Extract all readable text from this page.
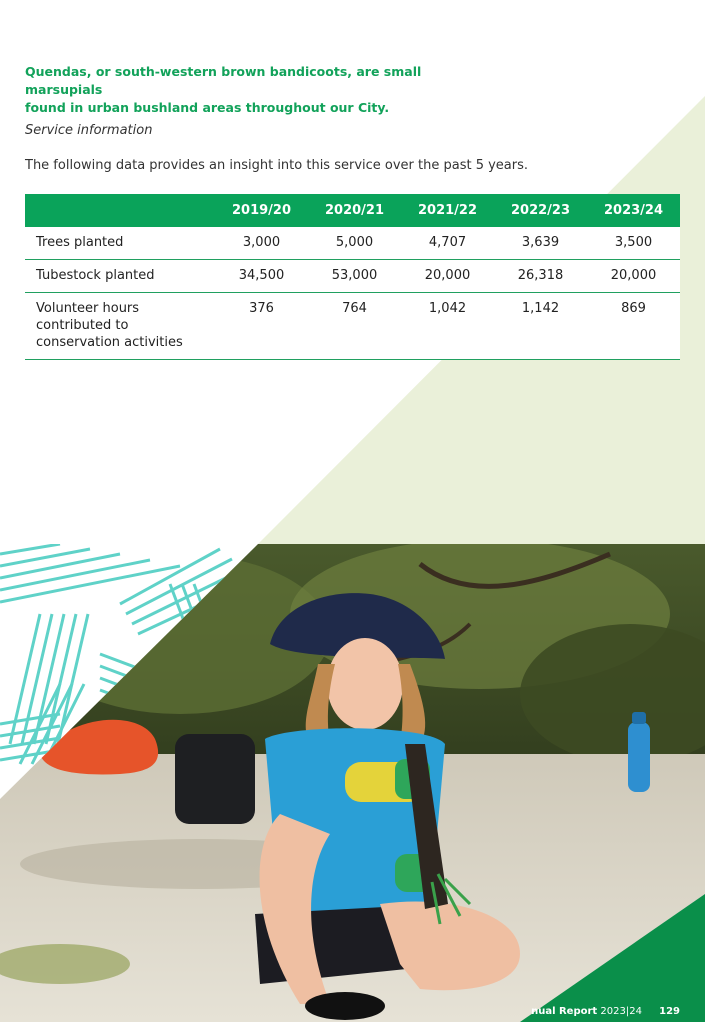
Quendas, or south-western brown bandicoots, are small marsupials
found in urban bushland areas throughout our City.
Service information
The following data provides an insight into this service over the past 5 years.
	2019/20	2020/21	2021/22	2022/23	2023/24
Trees planted	3,000	5,000	4,707	3,639	3,500
Tubestock planted	34,500	53,000	20,000	26,318	20,000

Volunteer hours
contributed to
conservation activities	376	764	1,042	1,142	869
nual Report 2023|24 129
